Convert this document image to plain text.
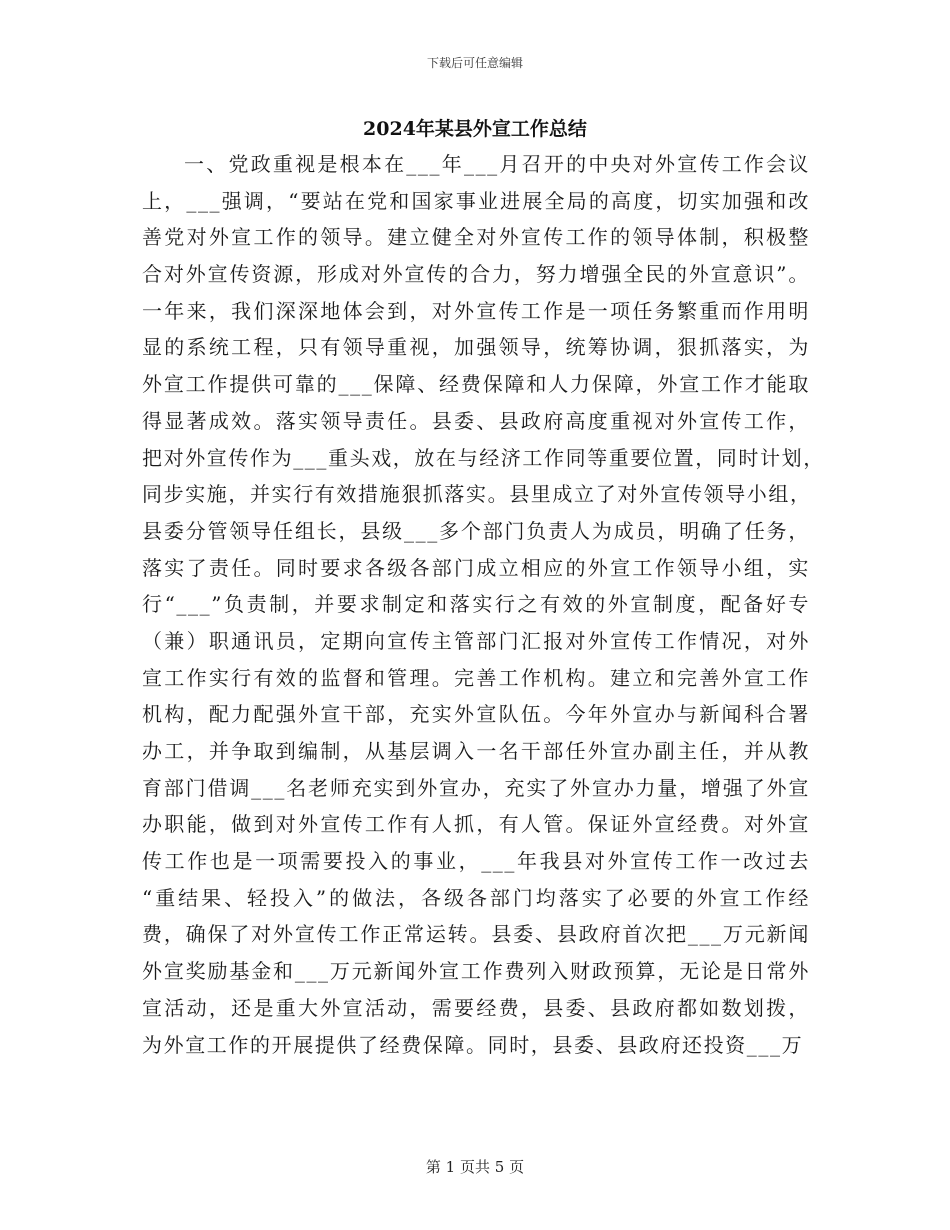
下载后可任意编辑
2024年某县外宣工作总结
一、党政重视是根本在___年___月召开的中央对外宣传工作会议
上，___强调，“要站在党和国家事业进展全局的高度，切实加强和改
善党对外宣工作的领导。建立健全对外宣传工作的领导体制，积极整
合对外宣传资源，形成对外宣传的合力，努力增强全民的外宣意识”。
一年来，我们深深地体会到，对外宣传工作是一项任务繁重而作用明
显的系统工程，只有领导重视，加强领导，统筹协调，狠抓落实，为
外宣工作提供可靠的___保障、经费保障和人力保障，外宣工作才能取
得显著成效。落实领导责任。县委、县政府高度重视对外宣传工作，
把对外宣传作为___重头戏，放在与经济工作同等重要位置，同时计划，
同步实施，并实行有效措施狠抓落实。县里成立了对外宣传领导小组，
县委分管领导任组长，县级___多个部门负责人为成员，明确了任务，
落实了责任。同时要求各级各部门成立相应的外宣工作领导小组，实
行“___”负责制，并要求制定和落实行之有效的外宣制度，配备好专
（兼）职通讯员，定期向宣传主管部门汇报对外宣传工作情况，对外
宣工作实行有效的监督和管理。完善工作机构。建立和完善外宣工作
机构，配力配强外宣干部，充实外宣队伍。今年外宣办与新闻科合署
办工，并争取到编制，从基层调入一名干部任外宣办副主任，并从教
育部门借调___名老师充实到外宣办，充实了外宣办力量，增强了外宣
办职能，做到对外宣传工作有人抓，有人管。保证外宣经费。对外宣
传工作也是一项需要投入的事业，___年我县对外宣传工作一改过去
“重结果、轻投入”的做法，各级各部门均落实了必要的外宣工作经
费，确保了对外宣传工作正常运转。县委、县政府首次把___万元新闻
外宣奖励基金和___万元新闻外宣工作费列入财政预算，无论是日常外
宣活动，还是重大外宣活动，需要经费，县委、县政府都如数划拨，
为外宣工作的开展提供了经费保障。同时，县委、县政府还投资___万
第 1 页共 5 页
